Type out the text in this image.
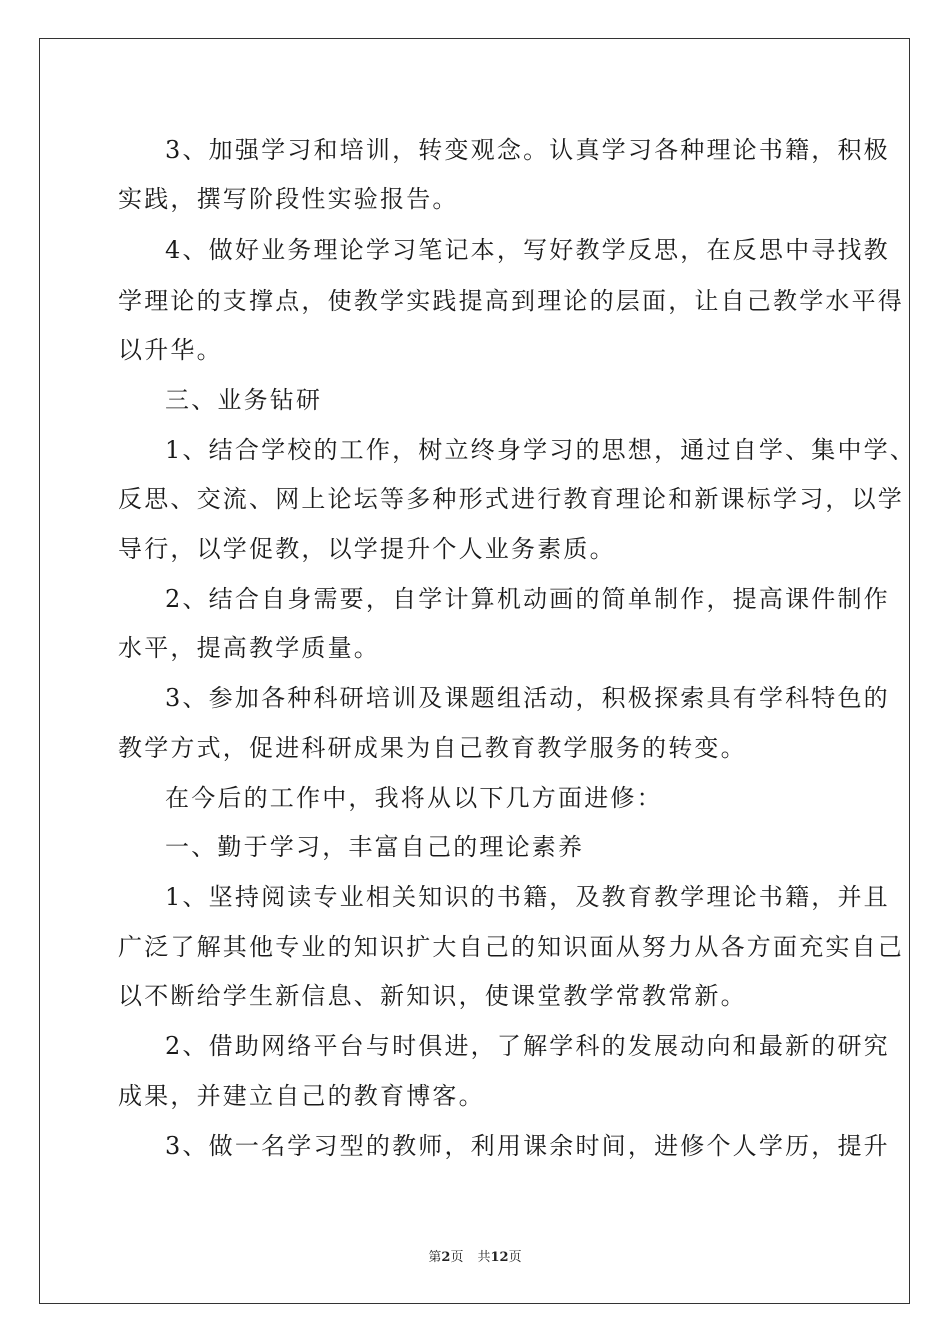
3、加强学习和培训，转变观念。认真学习各种理论书籍，积极
实践，撰写阶段性实验报告。
4、做好业务理论学习笔记本，写好教学反思，在反思中寻找教
学理论的支撑点，使教学实践提高到理论的层面，让自己教学水平得
以升华。
三、业务钻研
1、结合学校的工作，树立终身学习的思想，通过自学、集中学、
反思、交流、网上论坛等多种形式进行教育理论和新课标学习，以学
导行，以学促教，以学提升个人业务素质。
2、结合自身需要，自学计算机动画的简单制作，提高课件制作
水平，提高教学质量。
3、参加各种科研培训及课题组活动，积极探索具有学科特色的
教学方式，促进科研成果为自己教育教学服务的转变。
在今后的工作中，我将从以下几方面进修：
一、勤于学习，丰富自己的理论素养
1、坚持阅读专业相关知识的书籍，及教育教学理论书籍，并且
广泛了解其他专业的知识扩大自己的知识面从努力从各方面充实自己
以不断给学生新信息、新知识，使课堂教学常教常新。
2、借助网络平台与时俱进，了解学科的发展动向和最新的研究
成果，并建立自己的教育博客。
3、做一名学习型的教师，利用课余时间，进修个人学历，提升
第2页 共12页
